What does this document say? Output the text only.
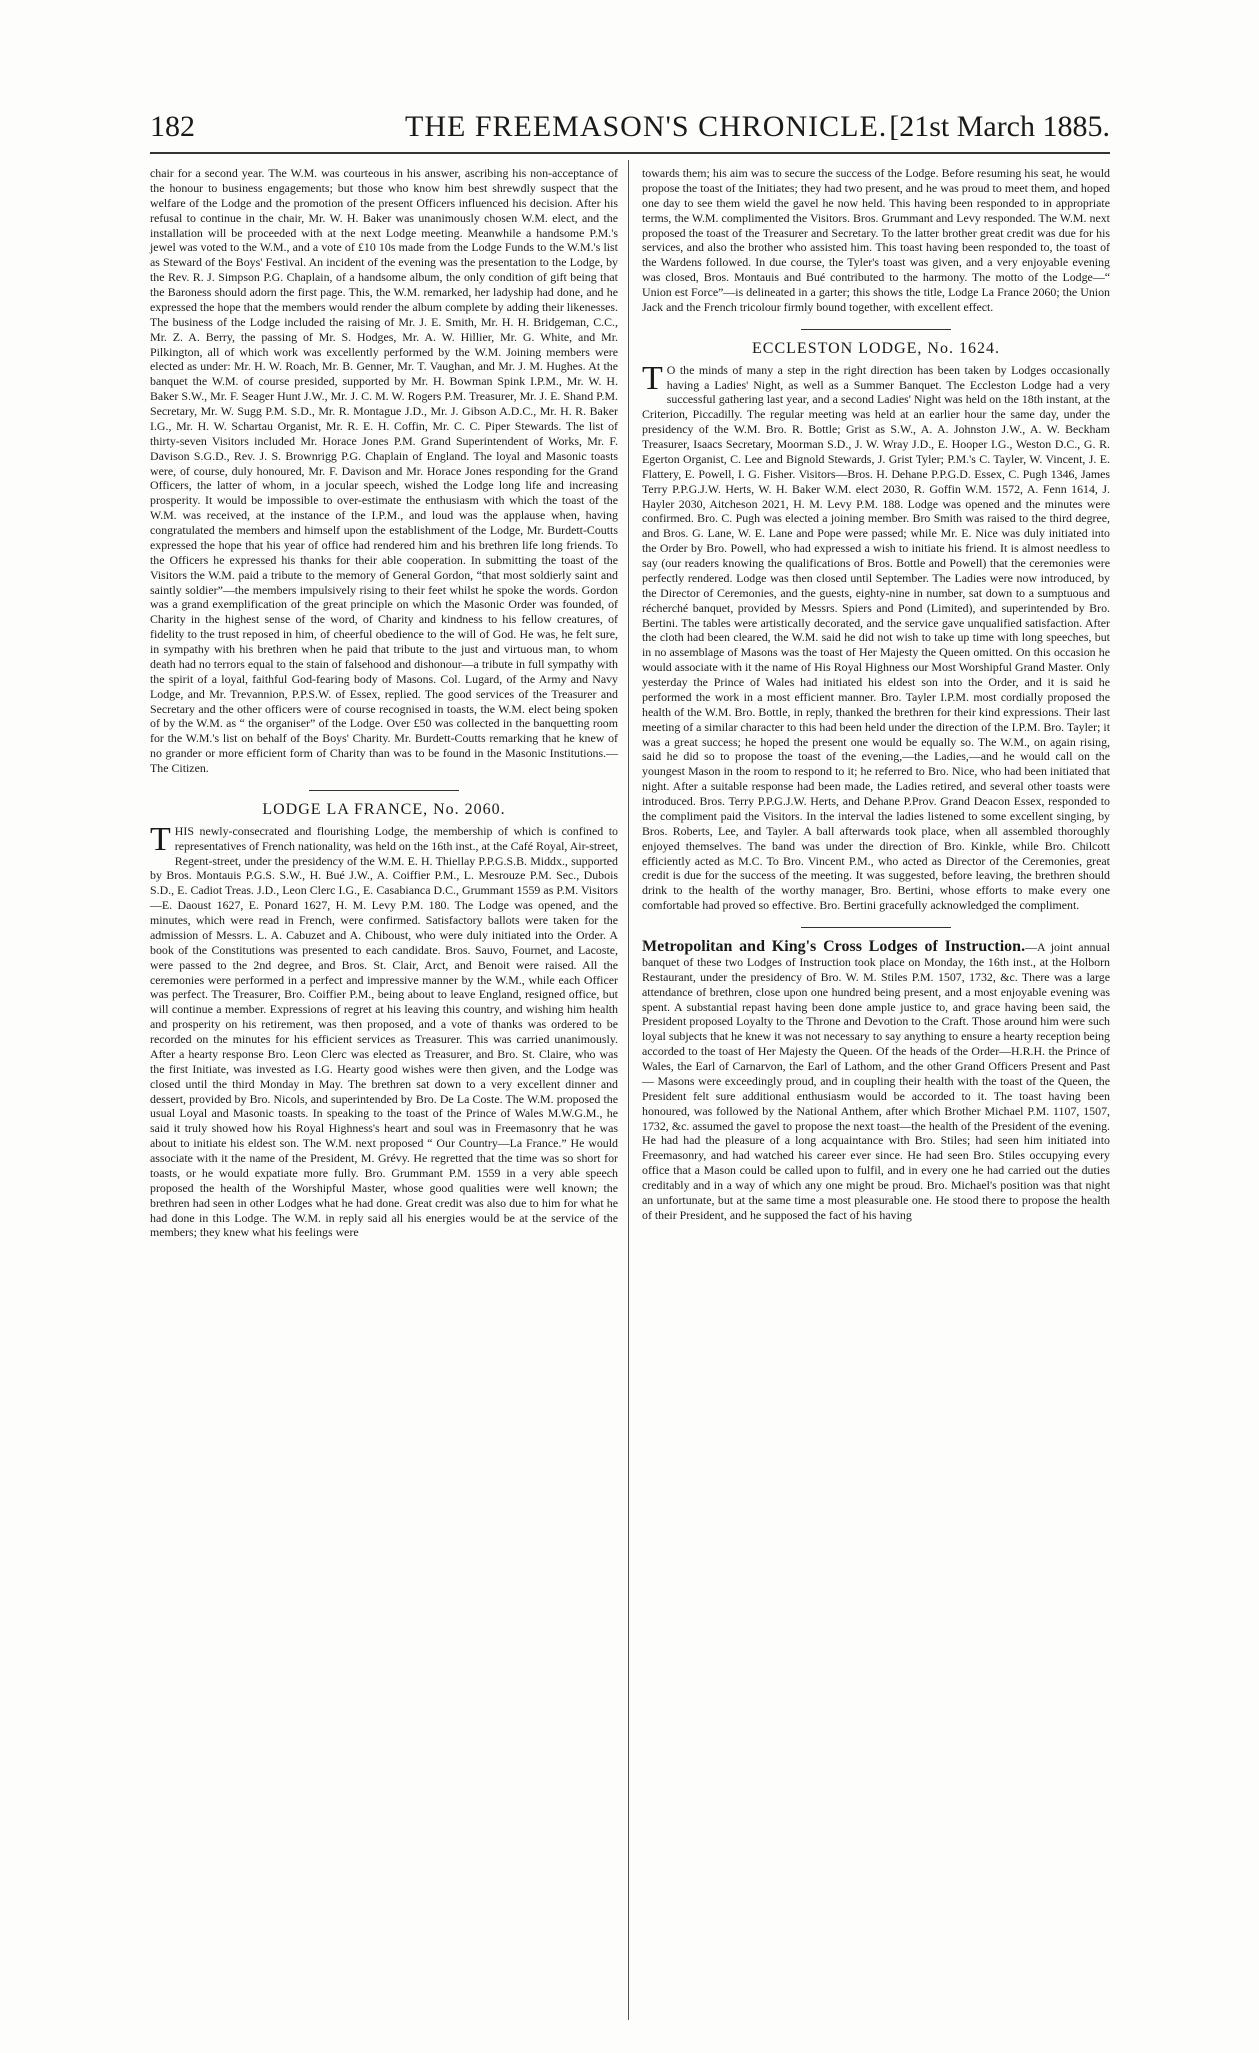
182	THE FREEMASON'S CHRONICLE. [21st March 1885.

chair for a second year. The W.M. was courteous in his answer, ascribing his non-acceptance of the honour to business engagements; but those who know him best shrewdly suspect that the welfare of the Lodge and the promotion of the present Officers influenced his decision. After his refusal to continue in the chair, Mr. W. H. Baker was unanimously chosen W.M. elect, and the installation will be proceeded with at the next Lodge meeting. Meanwhile a handsome P.M.'s jewel was voted to the W.M., and a vote of £10 10s made from the Lodge Funds to the W.M.'s list as Steward of the Boys' Festival. An incident of the evening was the presentation to the Lodge, by the Rev. R. J. Simpson P.G. Chaplain, of a handsome album, the only condition of gift being that the Baroness should adorn the first page. This, the W.M. remarked, her ladyship had done, and he expressed the hope that the members would render the album complete by adding their likenesses. The business of the Lodge included the raising of Mr. J. E. Smith, Mr. H. H. Bridgeman, C.C., Mr. Z. A. Berry, the passing of Mr. S. Hodges, Mr. A. W. Hillier, Mr. G. White, and Mr. Pilkington, all of which work was excellently performed by the W.M. Joining members were elected as under: Mr. H. W. Roach, Mr. B. Genner, Mr. T. Vaughan, and Mr. J. M. Hughes. At the banquet the W.M. of course presided, supported by Mr. H. Bowman Spink I.P.M., Mr. W. H. Baker S.W., Mr. F. Seager Hunt J.W., Mr. J. C. M. W. Rogers P.M. Treasurer, Mr. J. E. Shand P.M. Secretary, Mr. W. Sugg P.M. S.D., Mr. R. Montague J.D., Mr. J. Gibson A.D.C., Mr. H. R. Baker I.G., Mr. H. W. Schartau Organist, Mr. R. E. H. Coffin, Mr. C. C. Piper Stewards. The list of thirty-seven Visitors included Mr. Horace Jones P.M. Grand Superintendent of Works, Mr. F. Davison S.G.D., Rev. J. S. Brownrigg P.G. Chaplain of England. The loyal and Masonic toasts were, of course, duly honoured, Mr. F. Davison and Mr. Horace Jones responding for the Grand Officers, the latter of whom, in a jocular speech, wished the Lodge long life and increasing prosperity. It would be impossible to over-estimate the enthusiasm with which the toast of the W.M. was received, at the instance of the I.P.M., and loud was the applause when, having congratulated the members and himself upon the establishment of the Lodge, Mr. Burdett-Coutts expressed the hope that his year of office had rendered him and his brethren life long friends. To the Officers he expressed his thanks for their able cooperation. In submitting the toast of the Visitors the W.M. paid a tribute to the memory of General Gordon, “that most soldierly saint and saintly soldier”—the members impulsively rising to their feet whilst he spoke the words. Gordon was a grand exemplification of the great principle on which the Masonic Order was founded, of Charity in the highest sense of the word, of Charity and kindness to his fellow creatures, of fidelity to the trust reposed in him, of cheerful obedience to the will of God. He was, he felt sure, in sympathy with his brethren when he paid that tribute to the just and virtuous man, to whom death had no terrors equal to the stain of falsehood and dishonour—a tribute in full sympathy with the spirit of a loyal, faithful God-fearing body of Masons. Col. Lugard, of the Army and Navy Lodge, and Mr. Trevannion, P.P.S.W. of Essex, replied. The good services of the Treasurer and Secretary and the other officers were of course recognised in toasts, the W.M. elect being spoken of by the W.M. as “ the organiser” of the Lodge. Over £50 was collected in the banquetting room for the W.M.'s list on behalf of the Boys' Charity. Mr. Burdett-Coutts remarking that he knew of no grander or more efficient form of Charity than was to be found in the Masonic Institutions.—The Citizen.

LODGE LA FRANCE, No. 2060.

THIS newly-consecrated and flourishing Lodge, the membership of which is confined to representatives of French nationality, was held on the 16th inst., at the Café Royal, Air-street, Regent-street, under the presidency of the W.M. E. H. Thiellay P.P.G.S.B. Middx., supported by Bros. Montauis P.G.S. S.W., H. Bué J.W., A. Coiffier P.M., L. Mesrouze P.M. Sec., Dubois S.D., E. Cadiot Treas. J.D., Leon Clerc I.G., E. Casabianca D.C., Grummant 1559 as P.M. Visitors—E. Daoust 1627, E. Ponard 1627, H. M. Levy P.M. 180. The Lodge was opened, and the minutes, which were read in French, were confirmed. Satisfactory ballots were taken for the admission of Messrs. L. A. Cabuzet and A. Chiboust, who were duly initiated into the Order. A book of the Constitutions was presented to each candidate. Bros. Sauvo, Fournet, and Lacoste, were passed to the 2nd degree, and Bros. St. Clair, Arct, and Benoit were raised. All the ceremonies were performed in a perfect and impressive manner by the W.M., while each Officer was perfect. The Treasurer, Bro. Coiffier P.M., being about to leave England, resigned office, but will continue a member. Expressions of regret at his leaving this country, and wishing him health and prosperity on his retirement, was then proposed, and a vote of thanks was ordered to be recorded on the minutes for his efficient services as Treasurer. This was carried unanimously. After a hearty response Bro. Leon Clerc was elected as Treasurer, and Bro. St. Claire, who was the first Initiate, was invested as I.G. Hearty good wishes were then given, and the Lodge was closed until the third Monday in May. The brethren sat down to a very excellent dinner and dessert, provided by Bro. Nicols, and superintended by Bro. De La Coste. The W.M. proposed the usual Loyal and Masonic toasts. In speaking to the toast of the Prince of Wales M.W.G.M., he said it truly showed how his Royal Highness's heart and soul was in Freemasonry that he was about to initiate his eldest son. The W.M. next proposed “ Our Country—La France.” He would associate with it the name of the President, M. Grévy. He regretted that the time was so short for toasts, or he would expatiate more fully. Bro. Grummant P.M. 1559 in a very able speech proposed the health of the Worshipful Master, whose good qualities were well known; the brethren had seen in other Lodges what he had done. Great credit was also due to him for what he had done in this Lodge. The W.M. in reply said all his energies would be at the service of the members; they knew what his feelings were

towards them; his aim was to secure the success of the Lodge. Before resuming his seat, he would propose the toast of the Initiates; they had two present, and he was proud to meet them, and hoped one day to see them wield the gavel he now held. This having been responded to in appropriate terms, the W.M. complimented the Visitors. Bros. Grummant and Levy responded. The W.M. next proposed the toast of the Treasurer and Secretary. To the latter brother great credit was due for his services, and also the brother who assisted him. This toast having been responded to, the toast of the Wardens followed. In due course, the Tyler's toast was given, and a very enjoyable evening was closed, Bros. Montauis and Bué contributed to the harmony. The motto of the Lodge—“ Union est Force”—is delineated in a garter; this shows the title, Lodge La France 2060; the Union Jack and the French tricolour firmly bound together, with excellent effect.

ECCLESTON LODGE, No. 1624.

T O the minds of many a step in the right direction has been taken by Lodges occasionally having a Ladies' Night, as well as a Summer Banquet. The Eccleston Lodge had a very successful gathering last year, and a second Ladies' Night was held on the 18th instant, at the Criterion, Piccadilly. The regular meeting was held at an earlier hour the same day, under the presidency of the W.M. Bro. R. Bottle; Grist as S.W., A. A. Johnston J.W., A. W. Beckham Treasurer, Isaacs Secretary, Moorman S.D., J. W. Wray J.D., E. Hooper I.G., Weston D.C., G. R. Egerton Organist, C. Lee and Bignold Stewards, J. Grist Tyler; P.M.'s C. Tayler, W. Vincent, J. E. Flattery, E. Powell, I. G. Fisher. Visitors—Bros. H. Dehane P.P.G.D. Essex, C. Pugh 1346, James Terry P.P.G.J.W. Herts, W. H. Baker W.M. elect 2030, R. Goffin W.M. 1572, A. Fenn 1614, J. Hayler 2030, Aitcheson 2021, H. M. Levy P.M. 188. Lodge was opened and the minutes were confirmed. Bro. C. Pugh was elected a joining member. Bro Smith was raised to the third degree, and Bros. G. Lane, W. E. Lane and Pope were passed; while Mr. E. Nice was duly initiated into the Order by Bro. Powell, who had expressed a wish to initiate his friend. It is almost needless to say (our readers knowing the qualifications of Bros. Bottle and Powell) that the ceremonies were perfectly rendered. Lodge was then closed until September. The Ladies were now introduced, by the Director of Ceremonies, and the guests, eighty-nine in number, sat down to a sumptuous and récherché banquet, provided by Messrs. Spiers and Pond (Limited), and superintended by Bro. Bertini. The tables were artistically decorated, and the service gave unqualified satisfaction. After the cloth had been cleared, the W.M. said he did not wish to take up time with long speeches, but in no assemblage of Masons was the toast of Her Majesty the Queen omitted. On this occasion he would associate with it the name of His Royal Highness our Most Worshipful Grand Master. Only yesterday the Prince of Wales had initiated his eldest son into the Order, and it is said he performed the work in a most efficient manner. Bro. Tayler I.P.M. most cordially proposed the health of the W.M. Bro. Bottle, in reply, thanked the brethren for their kind expressions. Their last meeting of a similar character to this had been held under the direction of the I.P.M. Bro. Tayler; it was a great success; he hoped the present one would be equally so. The W.M., on again rising, said he did so to propose the toast of the evening,—the Ladies,—and he would call on the youngest Mason in the room to respond to it; he referred to Bro. Nice, who had been initiated that night. After a suitable response had been made, the Ladies retired, and several other toasts were introduced. Bros. Terry P.P.G.J.W. Herts, and Dehane P.Prov. Grand Deacon Essex, responded to the compliment paid the Visitors. In the interval the ladies listened to some excellent singing, by Bros. Roberts, Lee, and Tayler. A ball afterwards took place, when all assembled thoroughly enjoyed themselves. The band was under the direction of Bro. Kinkle, while Bro. Chilcott efficiently acted as M.C. To Bro. Vincent P.M., who acted as Director of the Ceremonies, great credit is due for the success of the meeting. It was suggested, before leaving, the brethren should drink to the health of the worthy manager, Bro. Bertini, whose efforts to make every one comfortable had proved so effective. Bro. Bertini gracefully acknowledged the compliment.

Metropolitan and King's Cross Lodges of Instruction.—A joint annual banquet of these two Lodges of Instruction took place on Monday, the 16th inst., at the Holborn Restaurant, under the presidency of Bro. W. M. Stiles P.M. 1507, 1732, &c. There was a large attendance of brethren, close upon one hundred being present, and a most enjoyable evening was spent. A substantial repast having been done ample justice to, and grace having been said, the President proposed Loyalty to the Throne and Devotion to the Craft. Those around him were such loyal subjects that he knew it was not necessary to say anything to ensure a hearty reception being accorded to the toast of Her Majesty the Queen. Of the heads of the Order—H.R.H. the Prince of Wales, the Earl of Carnarvon, the Earl of Lathom, and the other Grand Officers Present and Past— Masons were exceedingly proud, and in coupling their health with the toast of the Queen, the President felt sure additional enthusiasm would be accorded to it. The toast having been honoured, was followed by the National Anthem, after which Brother Michael P.M. 1107, 1507, 1732, &c. assumed the gavel to propose the next toast—the health of the President of the evening. He had had the pleasure of a long acquaintance with Bro. Stiles; had seen him initiated into Freemasonry, and had watched his career ever since. He had seen Bro. Stiles occupying every office that a Mason could be called upon to fulfil, and in every one he had carried out the duties creditably and in a way of which any one might be proud. Bro. Michael's position was that night an unfortunate, but at the same time a most pleasurable one. He stood there to propose the health of their President, and he supposed the fact of his having
